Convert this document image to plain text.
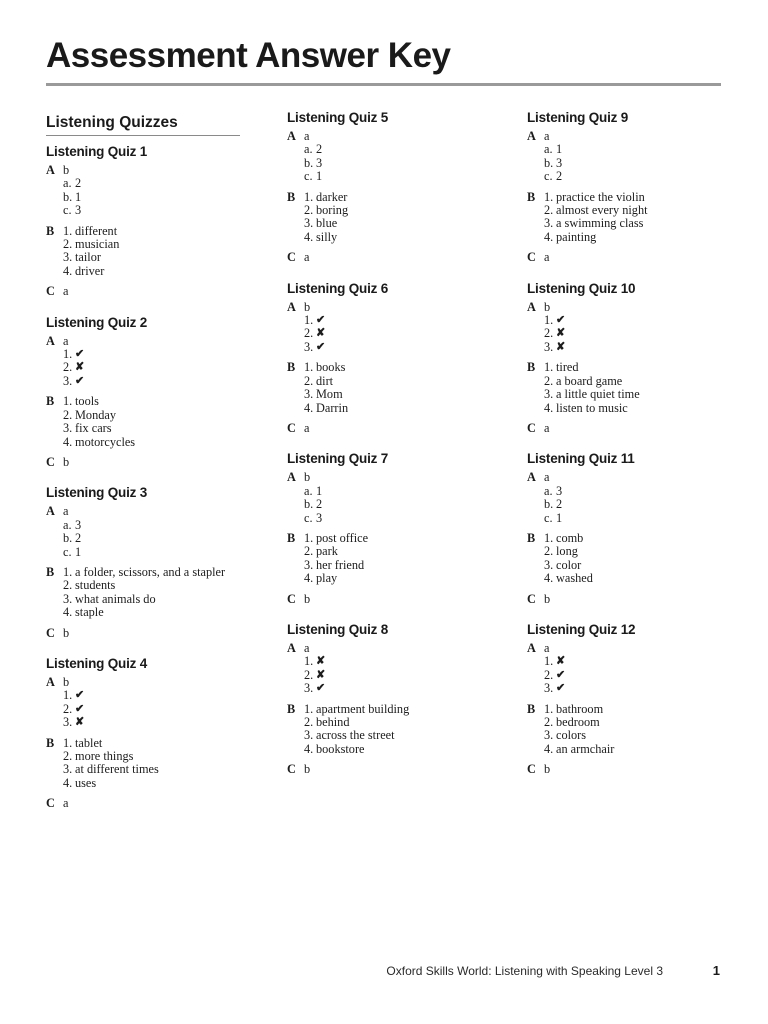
Assessment Answer Key
Listening Quizzes
Listening Quiz 1
A b
a. 2
b. 1
c. 3
B 1. different
2. musician
3. tailor
4. driver
C a
Listening Quiz 2
A a
1. ✔
2. ✘
3. ✔
B 1. tools
2. Monday
3. fix cars
4. motorcycles
C b
Listening Quiz 3
A a
a. 3
b. 2
c. 1
B 1. a folder, scissors, and a stapler
2. students
3. what animals do
4. staple
C b
Listening Quiz 4
A b
1. ✔
2. ✔
3. ✘
B 1. tablet
2. more things
3. at different times
4. uses
C a
Listening Quiz 5
A a
a. 2
b. 3
c. 1
B 1. darker
2. boring
3. blue
4. silly
C a
Listening Quiz 6
A b
1. ✔
2. ✘
3. ✔
B 1. books
2. dirt
3. Mom
4. Darrin
C a
Listening Quiz 7
A b
a. 1
b. 2
c. 3
B 1. post office
2. park
3. her friend
4. play
C b
Listening Quiz 8
A a
1. ✘
2. ✘
3. ✔
B 1. apartment building
2. behind
3. across the street
4. bookstore
C b
Listening Quiz 9
A a
a. 1
b. 3
c. 2
B 1. practice the violin
2. almost every night
3. a swimming class
4. painting
C a
Listening Quiz 10
A b
1. ✔
2. ✘
3. ✘
B 1. tired
2. a board game
3. a little quiet time
4. listen to music
C a
Listening Quiz 11
A a
a. 3
b. 2
c. 1
B 1. comb
2. long
3. color
4. washed
C b
Listening Quiz 12
A a
1. ✘
2. ✔
3. ✔
B 1. bathroom
2. bedroom
3. colors
4. an armchair
C b
Oxford Skills World: Listening with Speaking Level 3	1
